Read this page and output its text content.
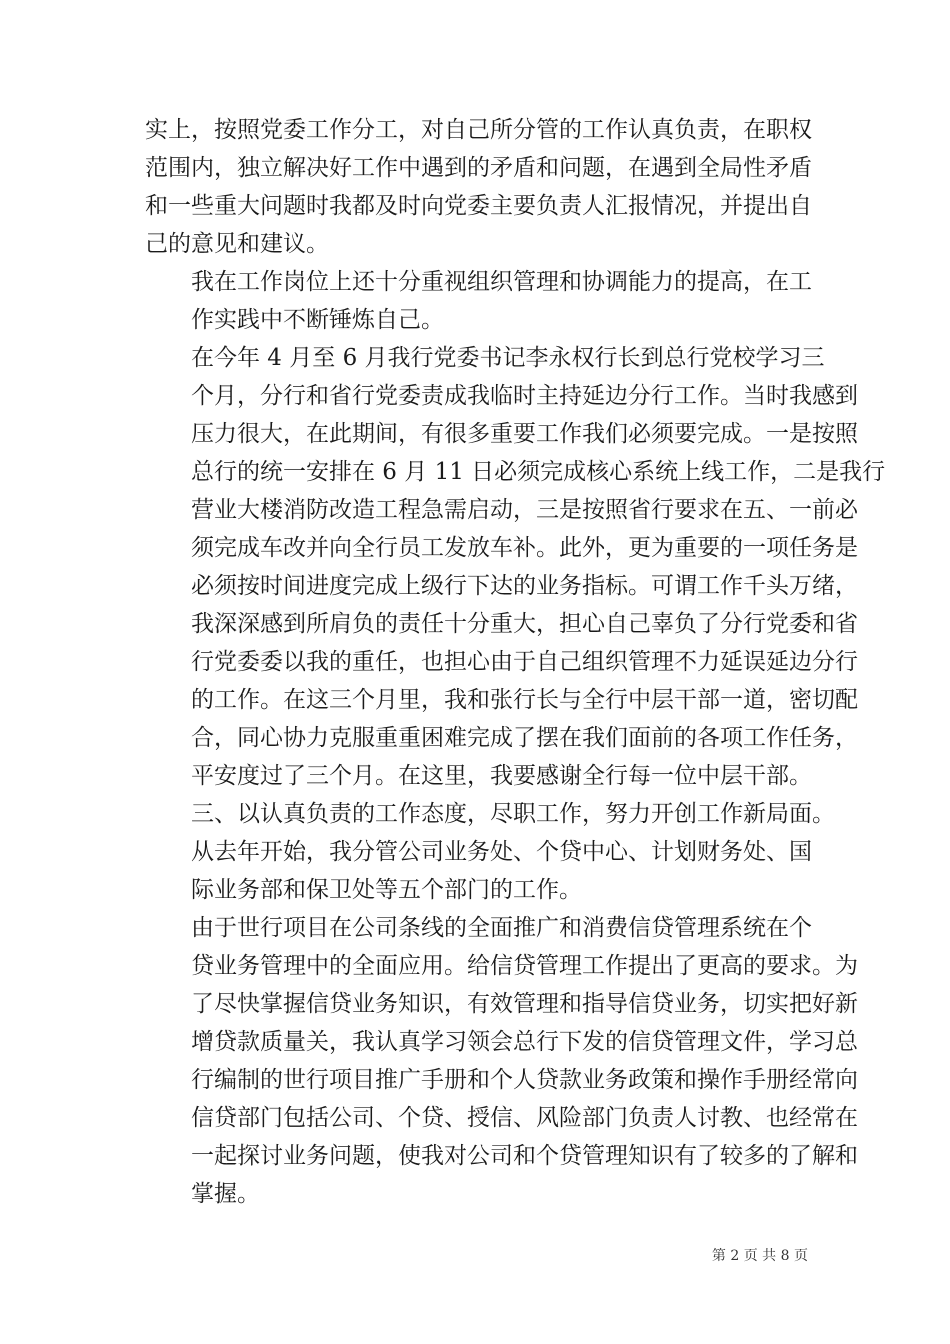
实上，按照党委工作分工，对自己所分管的工作认真负责，在职权
范围内，独立解决好工作中遇到的矛盾和问题，在遇到全局性矛盾
和一些重大问题时我都及时向党委主要负责人汇报情况，并提出自
己的意见和建议。

我在工作岗位上还十分重视组织管理和协调能力的提高，在工
作实践中不断锤炼自己。

在今年 4 月至 6 月我行党委书记李永权行长到总行党校学习三
个月，分行和省行党委责成我临时主持延边分行工作。当时我感到
压力很大，在此期间，有很多重要工作我们必须要完成。一是按照
总行的统一安排在 6 月 11 日必须完成核心系统上线工作，二是我行
营业大楼消防改造工程急需启动，三是按照省行要求在五、一前必
须完成车改并向全行员工发放车补。此外，更为重要的一项任务是
必须按时间进度完成上级行下达的业务指标。可谓工作千头万绪，
我深深感到所肩负的责任十分重大，担心自己辜负了分行党委和省
行党委委以我的重任，也担心由于自己组织管理不力延误延边分行
的工作。在这三个月里，我和张行长与全行中层干部一道，密切配
合，同心协力克服重重困难完成了摆在我们面前的各项工作任务，
平安度过了三个月。在这里，我要感谢全行每一位中层干部。

三、以认真负责的工作态度，尽职工作，努力开创工作新局面。

从去年开始，我分管公司业务处、个贷中心、计划财务处、国
际业务部和保卫处等五个部门的工作。

由于世行项目在公司条线的全面推广和消费信贷管理系统在个
贷业务管理中的全面应用。给信贷管理工作提出了更高的要求。为
了尽快掌握信贷业务知识，有效管理和指导信贷业务，切实把好新
增贷款质量关，我认真学习领会总行下发的信贷管理文件，学习总
行编制的世行项目推广手册和个人贷款业务政策和操作手册经常向
信贷部门包括公司、个贷、授信、风险部门负责人讨教、也经常在
一起探讨业务问题，使我对公司和个贷管理知识有了较多的了解和
掌握。

第 2 页 共 8 页
